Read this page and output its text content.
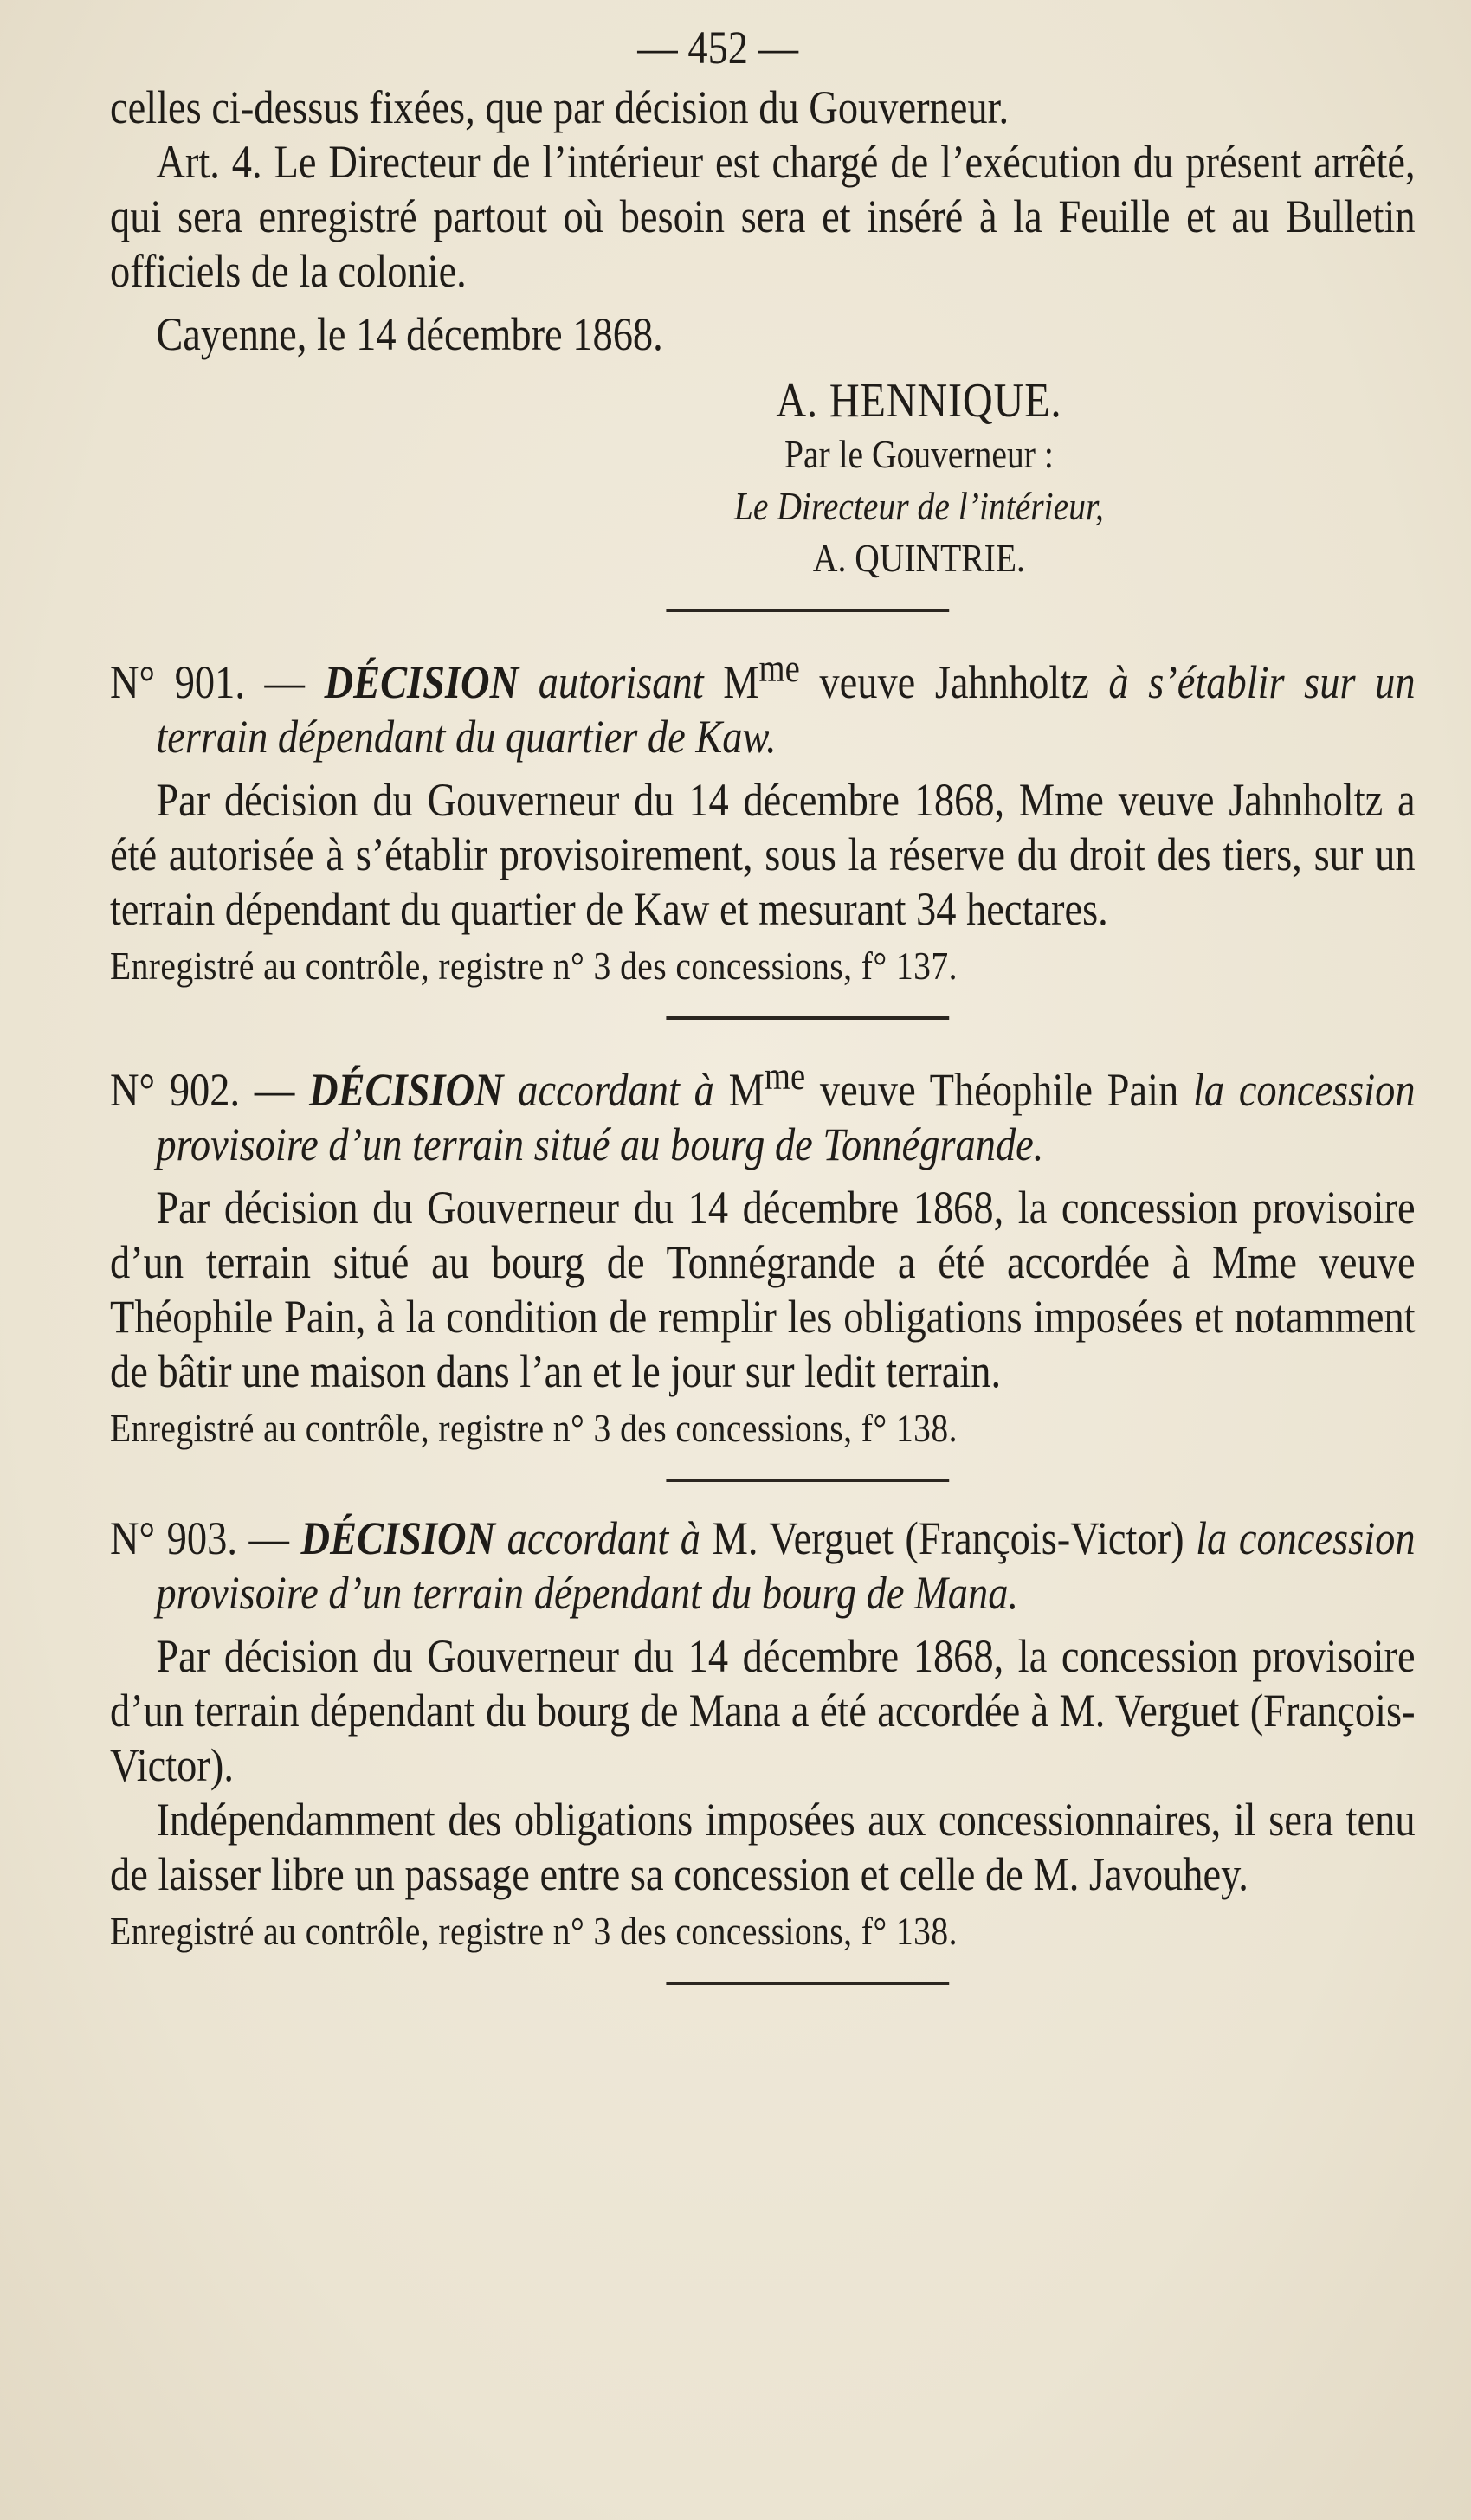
— 452 —

celles ci-dessus fixées, que par décision du Gouverneur.

Art. 4. Le Directeur de l’intérieur est chargé de l’exécution du présent arrêté, qui sera enregistré partout où besoin sera et inséré à la Feuille et au Bulletin officiels de la colonie.

Cayenne, le 14 décembre 1868.

A. HENNIQUE.

Par le Gouverneur :

Le Directeur de l’intérieur,

A. QUINTRIE.

N° 901. — DÉCISION autorisant $M^{me}$ veuve Jahnholtz à s’établir sur un terrain dépendant du quartier de Kaw.

Par décision du Gouverneur du 14 décembre 1868, Mme veuve Jahnholtz a été autorisée à s’établir provisoirement, sous la réserve du droit des tiers, sur un terrain dépendant du quartier de Kaw et mesurant 34 hectares.

Enregistré au contrôle, registre n° 3 des concessions, f° 137.

N° 902. — DÉCISION accordant à $M^{me}$ veuve Théophile Pain la concession provisoire d’un terrain situé au bourg de Tonnégrande.

Par décision du Gouverneur du 14 décembre 1868, la concession provisoire d’un terrain situé au bourg de Tonnégrande a été accordée à Mme veuve Théophile Pain, à la condition de remplir les obligations imposées et notamment de bâtir une maison dans l’an et le jour sur ledit terrain.

Enregistré au contrôle, registre n° 3 des concessions, f° 138.

N° 903. — DÉCISION accordant à M. Verguet (François-Victor) la concession provisoire d’un terrain dépendant du bourg de Mana.

Par décision du Gouverneur du 14 décembre 1868, la concession provisoire d’un terrain dépendant du bourg de Mana a été accordée à M. Verguet (François-Victor).

Indépendamment des obligations imposées aux concessionnaires, il sera tenu de laisser libre un passage entre sa concession et celle de M. Javouhey.

Enregistré au contrôle, registre n° 3 des concessions, f° 138.
